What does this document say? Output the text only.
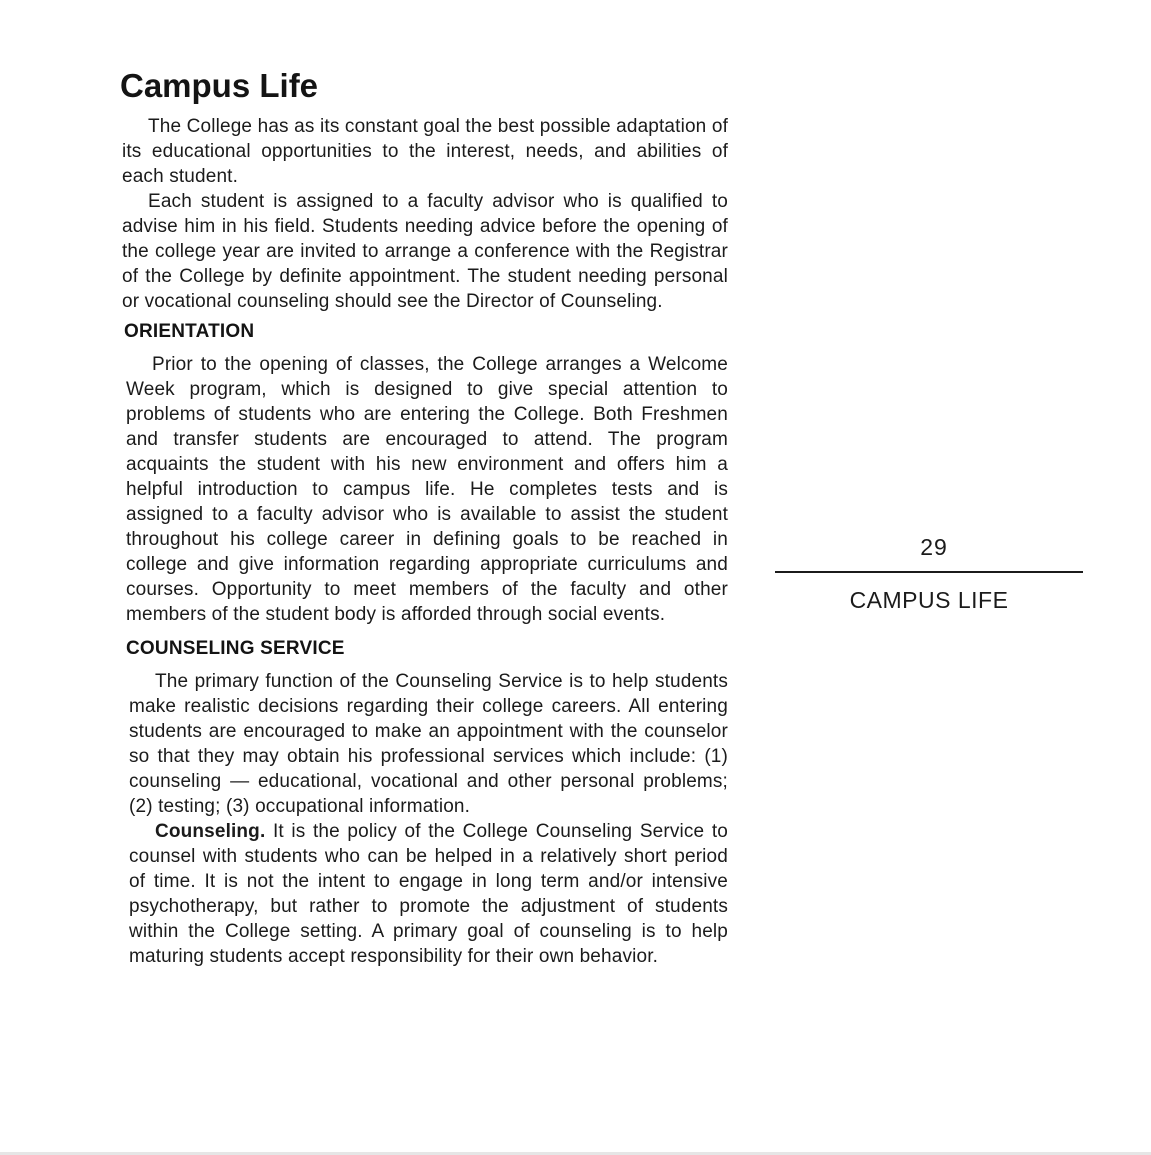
Campus Life

The College has as its constant goal the best possible adaptation of its educational opportunities to the interest, needs, and abilities of each student.

Each student is assigned to a faculty advisor who is qualified to advise him in his field. Students needing advice before the opening of the college year are invited to arrange a conference with the Registrar of the College by definite appointment. The student needing personal or vocational counseling should see the Director of Counseling.

ORIENTATION

Prior to the opening of classes, the College arranges a Welcome Week program, which is designed to give special attention to problems of students who are entering the College. Both Freshmen and transfer students are encouraged to attend. The program acquaints the student with his new environment and offers him a helpful introduction to campus life. He completes tests and is assigned to a faculty advisor who is available to assist the student throughout his college career in defining goals to be reached in college and give information regarding appropriate curriculums and courses. Opportunity to meet members of the faculty and other members of the student body is afforded through social events.

COUNSELING SERVICE

The primary function of the Counseling Service is to help students make realistic decisions regarding their college careers. All entering students are encouraged to make an appointment with the counselor so that they may obtain his professional services which include: (1) counseling — educational, vocational and other personal problems; (2) testing; (3) occupational information.

Counseling. It is the policy of the College Counseling Service to counsel with students who can be helped in a relatively short period of time. It is not the intent to engage in long term and/or intensive psychotherapy, but rather to promote the adjustment of students within the College setting. A primary goal of counseling is to help maturing students accept responsibility for their own behavior.

29
CAMPUS LIFE
